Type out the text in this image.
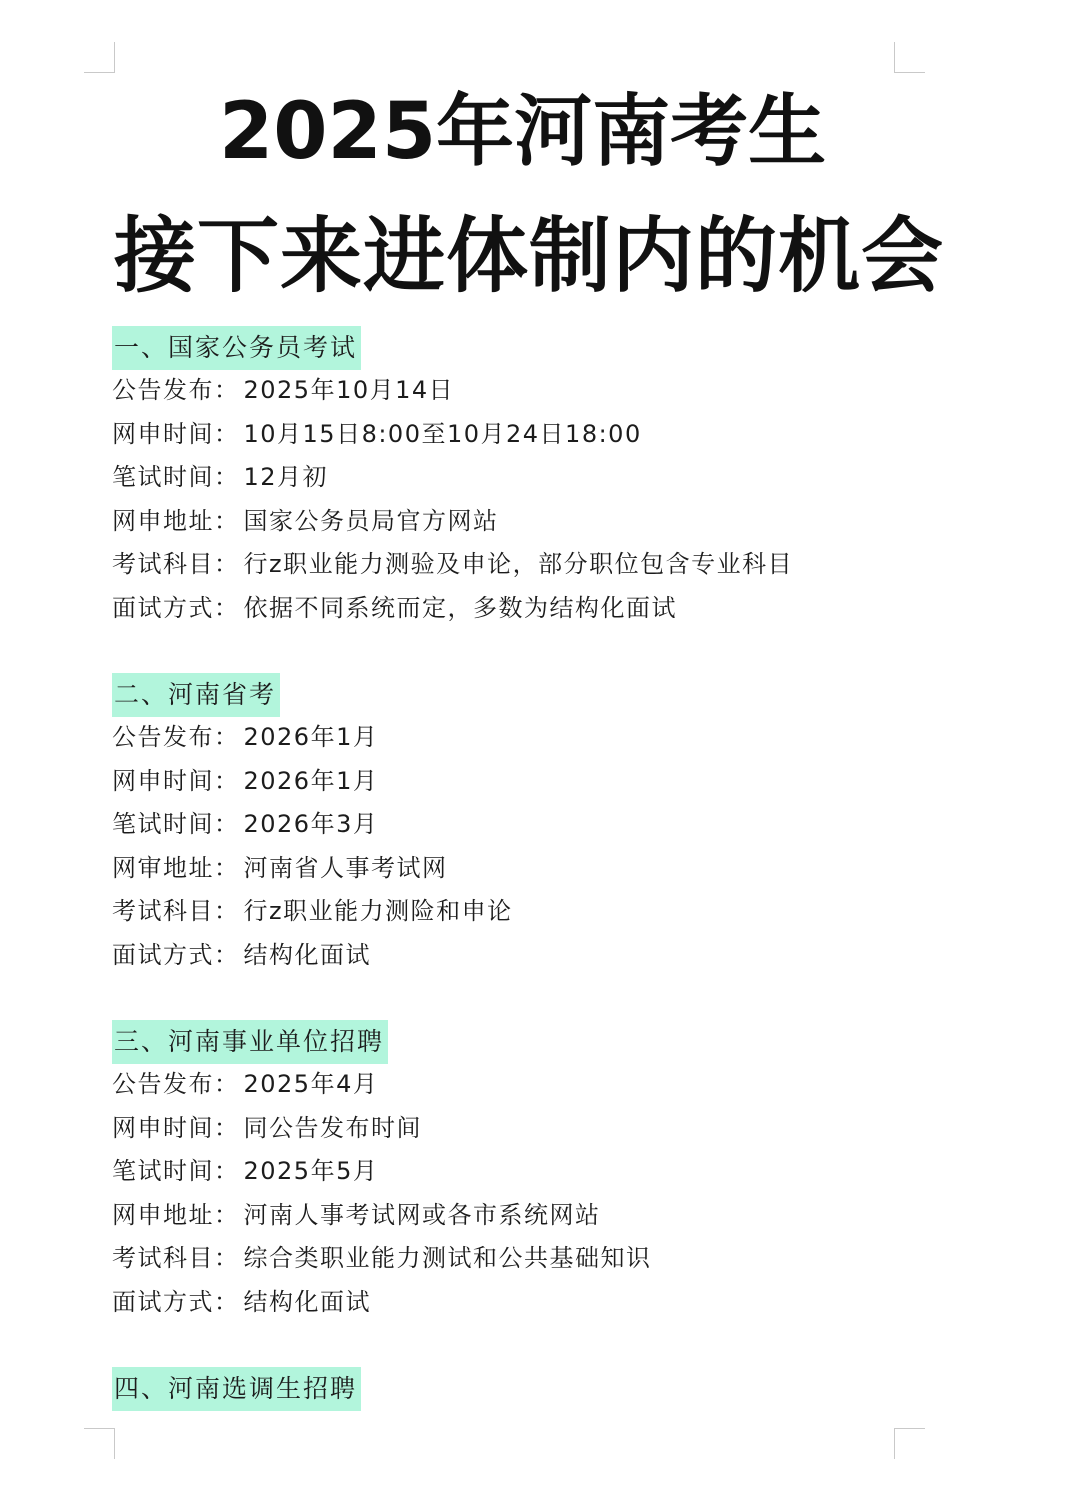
2025年河南考生
接下来进体制内的机会
一、国家公务员考试
公告发布： 2025年10月14日
网申时间： 10月15日8:00至10月24日18:00
笔试时间： 12月初
网申地址： 国家公务员局官方网站
考试科目： 行z职业能力测验及申论，部分职位包含专业科目
面试方式： 依据不同系统而定，多数为结构化面试
二、河南省考
公告发布： 2026年1月
网申时间： 2026年1月
笔试时间： 2026年3月
网审地址： 河南省人事考试网
考试科目： 行z职业能力测险和申论
面试方式： 结构化面试
三、河南事业单位招聘
公告发布： 2025年4月
网申时间： 同公告发布时间
笔试时间： 2025年5月
网申地址： 河南人事考试网或各市系统网站
考试科目： 综合类职业能力测试和公共基础知识
面试方式： 结构化面试
四、河南选调生招聘
